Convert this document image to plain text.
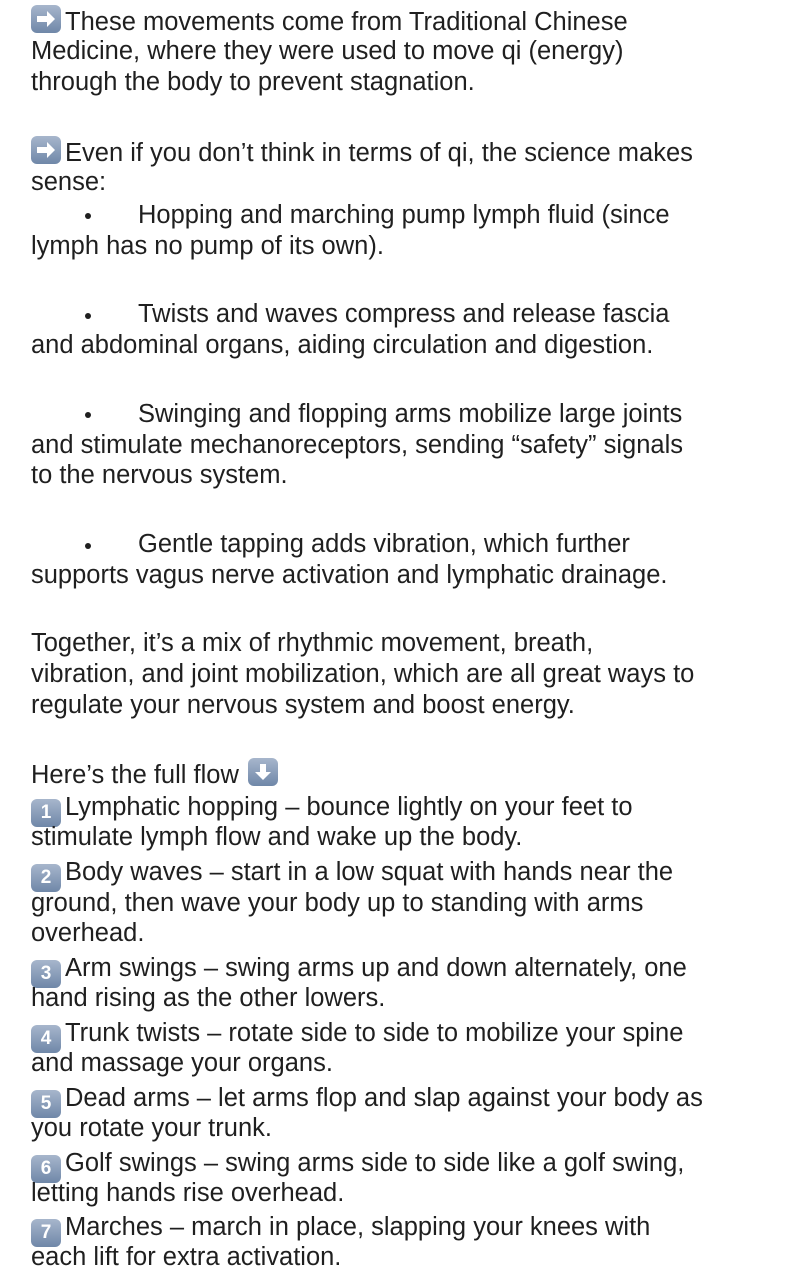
These movements come from Traditional Chinese
Medicine, where they were used to move qi (energy)
through the body to prevent stagnation.
Even if you don’t think in terms of qi, the science makes
sense:
Hopping and marching pump lymph fluid (since
lymph has no pump of its own).
Twists and waves compress and release fascia
and abdominal organs, aiding circulation and digestion.
Swinging and flopping arms mobilize large joints
and stimulate mechanoreceptors, sending “safety” signals
to the nervous system.
Gentle tapping adds vibration, which further
supports vagus nerve activation and lymphatic drainage.
Together, it’s a mix of rhythmic movement, breath,
vibration, and joint mobilization, which are all great ways to
regulate your nervous system and boost energy.
Here’s the full flow
1 Lymphatic hopping – bounce lightly on your feet to
stimulate lymph flow and wake up the body.
2 Body waves – start in a low squat with hands near the
ground, then wave your body up to standing with arms
overhead.
3 Arm swings – swing arms up and down alternately, one
hand rising as the other lowers.
4 Trunk twists – rotate side to side to mobilize your spine
and massage your organs.
5 Dead arms – let arms flop and slap against your body as
you rotate your trunk.
6 Golf swings – swing arms side to side like a golf swing,
letting hands rise overhead.
7 Marches – march in place, slapping your knees with
each lift for extra activation.
